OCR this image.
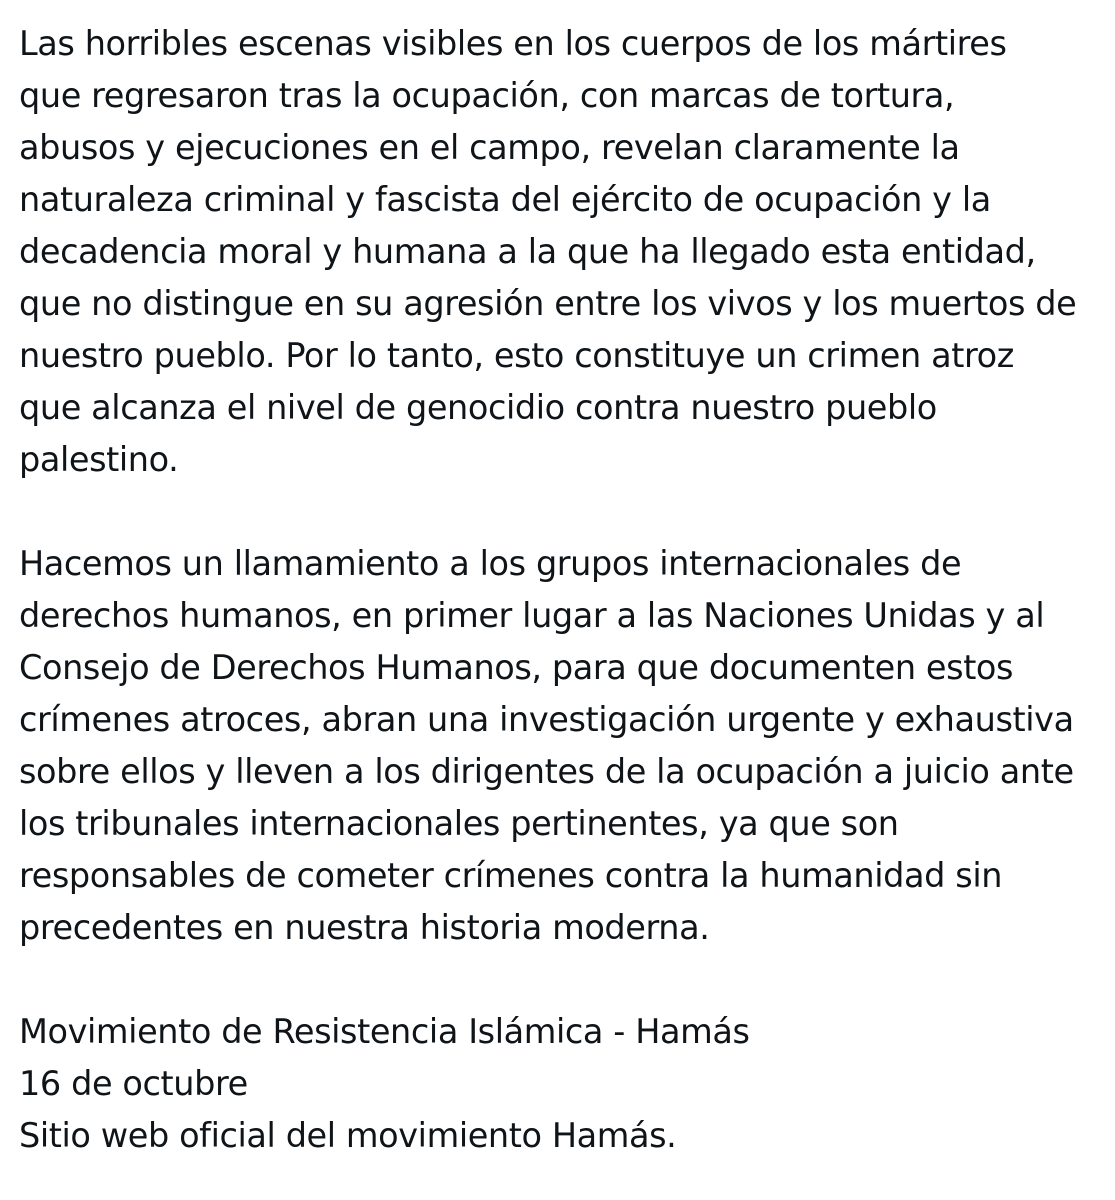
Las horribles escenas visibles en los cuerpos de los mártires
que regresaron tras la ocupación, con marcas de tortura,
abusos y ejecuciones en el campo, revelan claramente la
naturaleza criminal y fascista del ejército de ocupación y la
decadencia moral y humana a la que ha llegado esta entidad,
que no distingue en su agresión entre los vivos y los muertos de
nuestro pueblo. Por lo tanto, esto constituye un crimen atroz
que alcanza el nivel de genocidio contra nuestro pueblo
palestino.
Hacemos un llamamiento a los grupos internacionales de
derechos humanos, en primer lugar a las Naciones Unidas y al
Consejo de Derechos Humanos, para que documenten estos
crímenes atroces, abran una investigación urgente y exhaustiva
sobre ellos y lleven a los dirigentes de la ocupación a juicio ante
los tribunales internacionales pertinentes, ya que son
responsables de cometer crímenes contra la humanidad sin
precedentes en nuestra historia moderna.
Movimiento de Resistencia Islámica - Hamás
16 de octubre
Sitio web oficial del movimiento Hamás.
